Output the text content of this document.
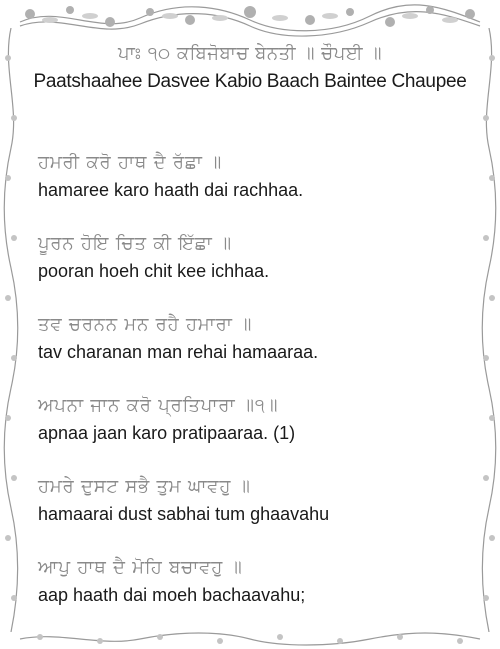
ਪਾਃ ੧੦ ਕਬਿਜੋਬਾਚ ਬੇਨਤੀ ॥ ਚੌਪਈ ॥

Paatshaahee Dasvee Kabio Baach Baintee Chaupee

ਹਮਰੀ ਕਰੋ ਹਾਥ ਦੈ ਰੱਛਾ ॥

hamaree karo haath dai rachhaa.

ਪੂਰਨ ਹੋਇ ਚਿਤ ਕੀ ਇੱਛਾ ॥

pooran hoeh chit kee ichhaa.

ਤਵ ਚਰਨਨ ਮਨ ਰਹੈ ਹਮਾਰਾ ॥

tav charanan man rehai hamaaraa.

ਅਪਨਾ ਜਾਨ ਕਰੋ ਪ੍ਰਤਿਪਾਰਾ ॥੧॥

apnaa jaan karo pratipaaraa. (1)

ਹਮਰੇ ਦੁਸਟ ਸਭੈ ਤੁਮ ਘਾਵਹੁ ॥

hamaarai dust sabhai tum ghaavahu

ਆਪੁ ਹਾਥ ਦੈ ਮੋਹਿ ਬਚਾਵਹੁ ॥

aap haath dai moeh bachaavahu;
